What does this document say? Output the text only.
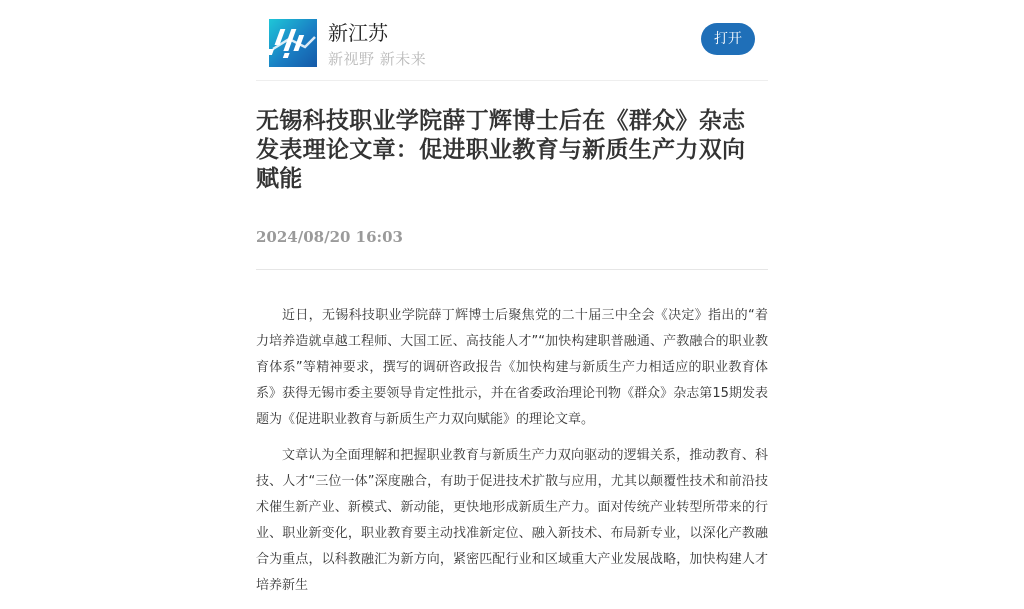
新江苏
新视野 新未来
打开
无锡科技职业学院薛丁辉博士后在《群众》杂志发表理论文章：促进职业教育与新质生产力双向赋能
2024/08/20 16:03

近日，无锡科技职业学院薛丁辉博士后聚焦党的二十届三中全会《决定》指出的“着力培养造就卓越工程师、大国工匠、高技能人才”“加快构建职普融通、产教融合的职业教育体系”等精神要求，撰写的调研咨政报告《加快构建与新质生产力相适应的职业教育体系》获得无锡市委主要领导肯定性批示，并在省委政治理论刊物《群众》杂志第15期发表题为《促进职业教育与新质生产力双向赋能》的理论文章。

文章认为全面理解和把握职业教育与新质生产力双向驱动的逻辑关系，推动教育、科技、人才“三位一体”深度融合，有助于促进技术扩散与应用，尤其以颠覆性技术和前沿技术催生新产业、新模式、新动能，更快地形成新质生产力。面对传统产业转型所带来的行业、职业新变化，职业教育要主动找准新定位、融入新技术、布局新专业，以深化产教融合为重点，以科教融汇为新方向，紧密匹配行业和区域重大产业发展战略，加快构建人才培养新生
